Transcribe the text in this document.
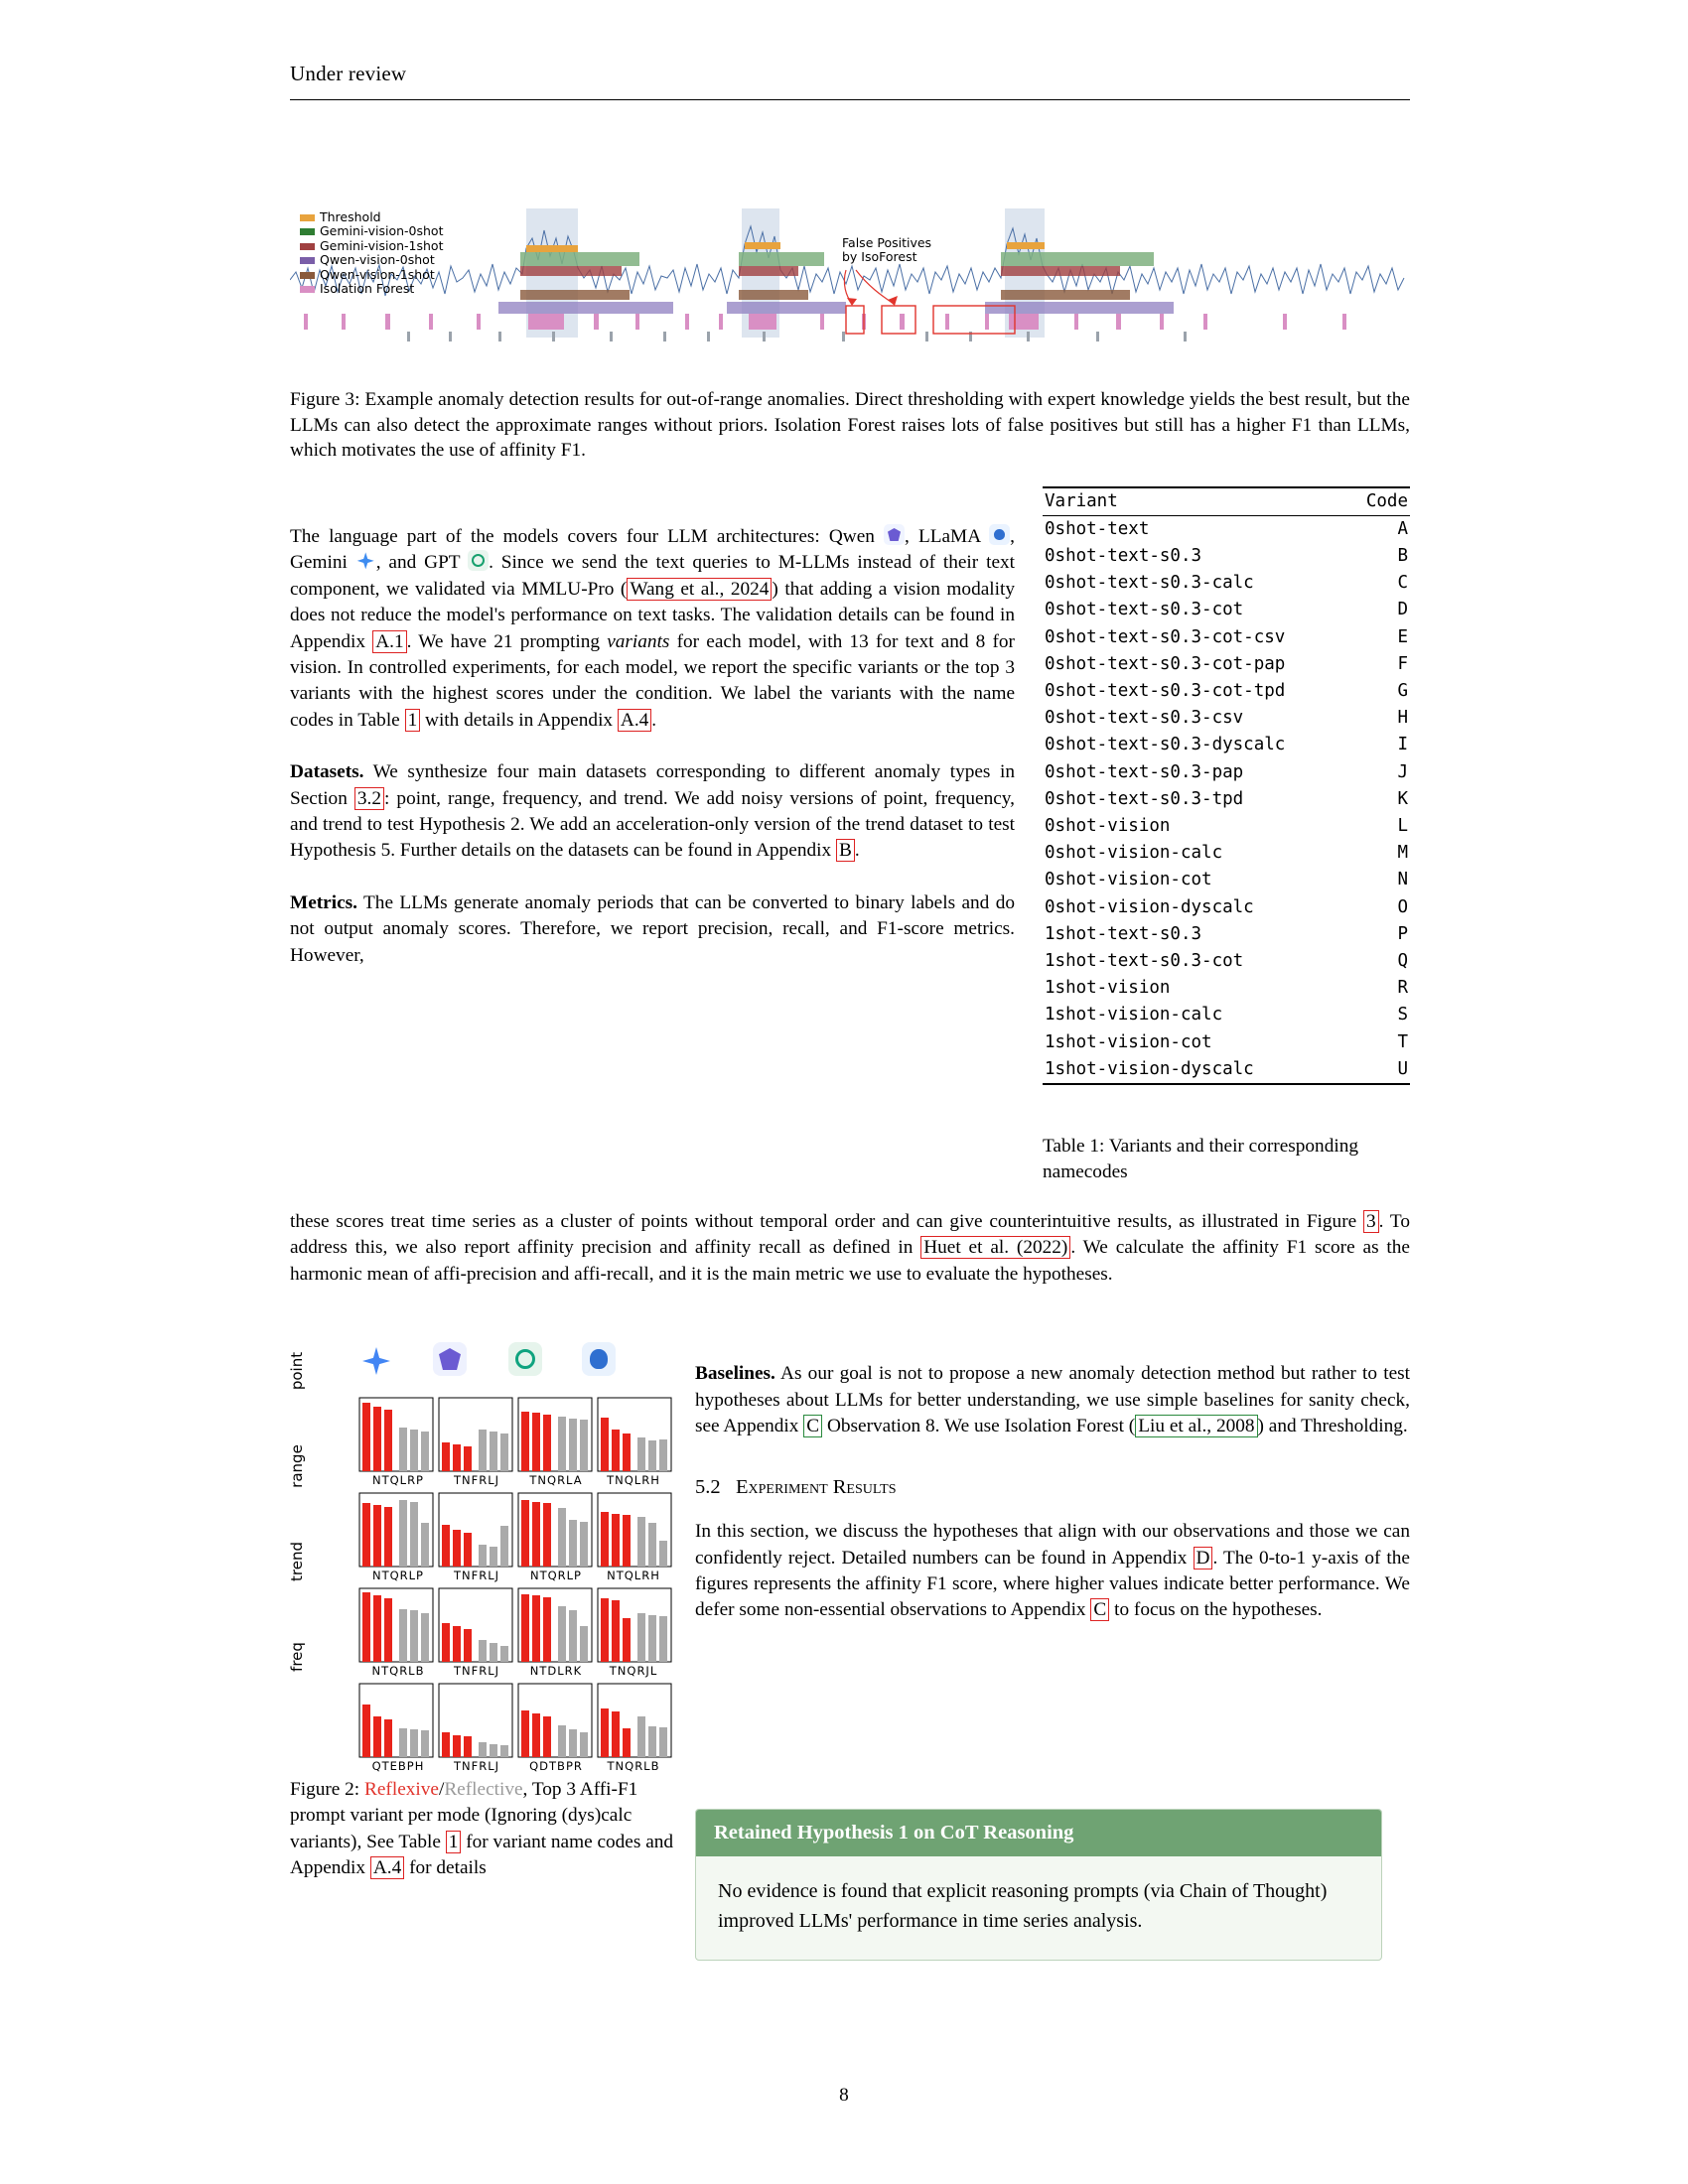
Under review
Threshold
Gemini-vision-0shot
Gemini-vision-1shot
Qwen-vision-0shot
Qwen-vision-1shot
Isolation Forest
False Positives
by IsoForest
Figure 3: Example anomaly detection results for out-of-range anomalies. Direct thresholding with expert knowledge yields the best result, but the LLMs can also detect the approximate ranges without priors. Isolation Forest raises lots of false positives but still has a higher F1 than LLMs, which motivates the use of affinity F1.

The language part of the models covers four LLM architectures: Qwen
, LLaMA
, Gemini
, and GPT
. Since we send the text queries to M-LLMs instead of their text component, we validated via MMLU-Pro ( Wang et al., 2024 ) that adding a vision modality does not reduce the model's performance on text tasks. The validation details can be found in Appendix A.1 . We have 21 prompting variants for each model, with 13 for text and 8 for vision. In controlled experiments, for each model, we report the specific variants or the top 3 variants with the highest scores under the condition. We label the variants with the name codes in Table 1 with details in Appendix A.4 .

Datasets. We synthesize four main datasets corresponding to different anomaly types in Section 3.2 : point, range, frequency, and trend. We add noisy versions of point, frequency, and trend to test Hypothesis 2. We add an acceleration-only version of the trend dataset to test Hypothesis 5. Further details on the datasets can be found in Appendix B .

Metrics. The LLMs generate anomaly periods that can be converted to binary labels and do not output anomaly scores. Therefore, we report precision, recall, and F1-score metrics. However,

Variant	Code
0shot-text	A
0shot-text-s0.3	B
0shot-text-s0.3-calc	C
0shot-text-s0.3-cot	D
0shot-text-s0.3-cot-csv	E
0shot-text-s0.3-cot-pap	F
0shot-text-s0.3-cot-tpd	G
0shot-text-s0.3-csv	H
0shot-text-s0.3-dyscalc	I
0shot-text-s0.3-pap	J
0shot-text-s0.3-tpd	K
0shot-vision	L
0shot-vision-calc	M
0shot-vision-cot	N
0shot-vision-dyscalc	O
1shot-text-s0.3	P
1shot-text-s0.3-cot	Q
1shot-vision	R
1shot-vision-calc	S
1shot-vision-cot	T
1shot-vision-dyscalc	U
Table 1: Variants and their corresponding namecodes
these scores treat time series as a cluster of points without temporal order and can give counterintuitive results, as illustrated in Figure 3 . To address this, we also report affinity precision and affinity recall as defined in Huet et al. (2022) . We calculate the affinity F1 score as the harmonic mean of affi-precision and affi-recall, and it is the main metric we use to evaluate the hypotheses.
point
range
trend
freq
NTQLRP	TNFRLJ	TNQRLA	TNQLRH
NTQRLP	TNFRLJ	NTQRLP	NTQLRH
NTQRLB	TNFRLJ	NTDLRK	TNQRJL
QTEBPH	TNFRLJ	QDTBPR	TNQRLB
Figure 2: Reflexive/Reflective, Top 3 Affi-F1 prompt variant per mode (Ignoring (dys)calc variants), See Table 1 for variant name codes and Appendix A.4 for details

Baselines. As our goal is not to propose a new anomaly detection method but rather to test hypotheses about LLMs for better understanding, we use simple baselines for sanity check, see Appendix C Observation 8. We use Isolation Forest ( Liu et al., 2008 ) and Thresholding.

5.2 Experiment Results

In this section, we discuss the hypotheses that align with our observations and those we can confidently reject. Detailed numbers can be found in Appendix D . The 0-to-1 y-axis of the figures represents the affinity F1 score, where higher values indicate better performance. We defer some non-essential observations to Appendix C to focus on the hypotheses.

Retained Hypothesis 1 on CoT Reasoning
No evidence is found that explicit reasoning prompts (via Chain of Thought) improved LLMs' performance in time series analysis.
8
